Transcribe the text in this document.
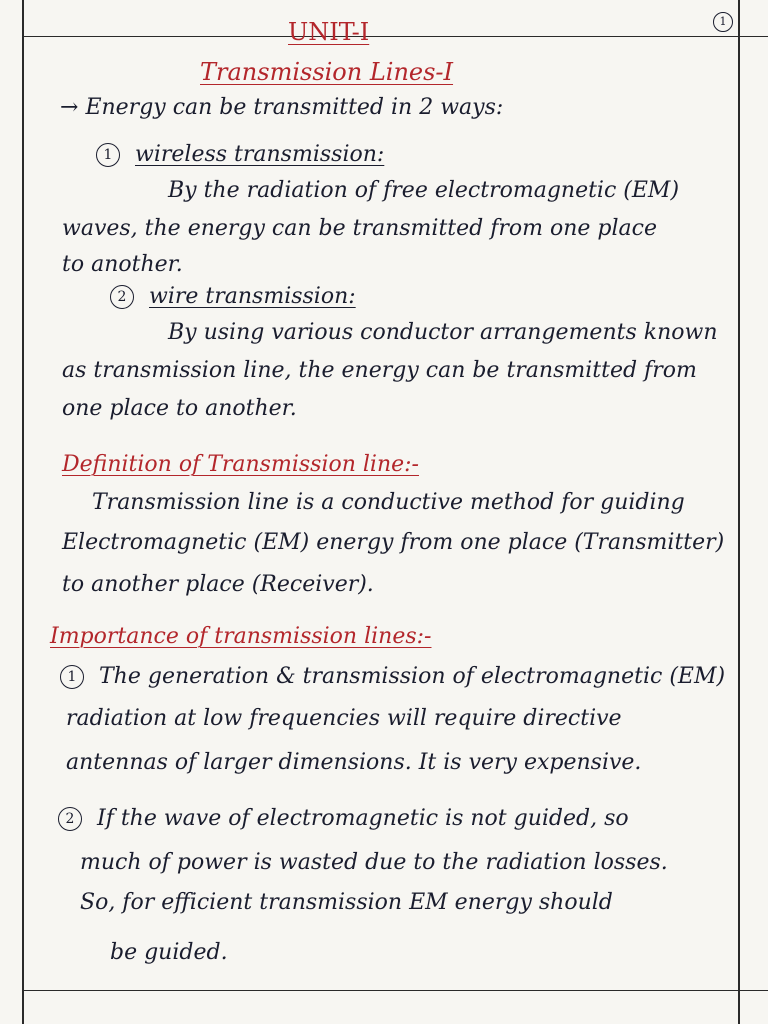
1
UNIT-I
Transmission Lines-I
→ Energy can be transmitted in 2 ways:
1 wireless transmission:
By the radiation of free electromagnetic (EM)
waves, the energy can be transmitted from one place
to another.
2 wire transmission:
By using various conductor arrangements known
as transmission line, the energy can be transmitted from
one place to another.
Definition of Transmission line:-
Transmission line is a conductive method for guiding
Electromagnetic (EM) energy from one place (Transmitter)
to another place (Receiver).
Importance of transmission lines:-
1 The generation & transmission of electromagnetic (EM)
radiation at low frequencies will require directive
antennas of larger dimensions. It is very expensive.
2 If the wave of electromagnetic is not guided, so
much of power is wasted due to the radiation losses.
So, for efficient transmission EM energy should
be guided.
